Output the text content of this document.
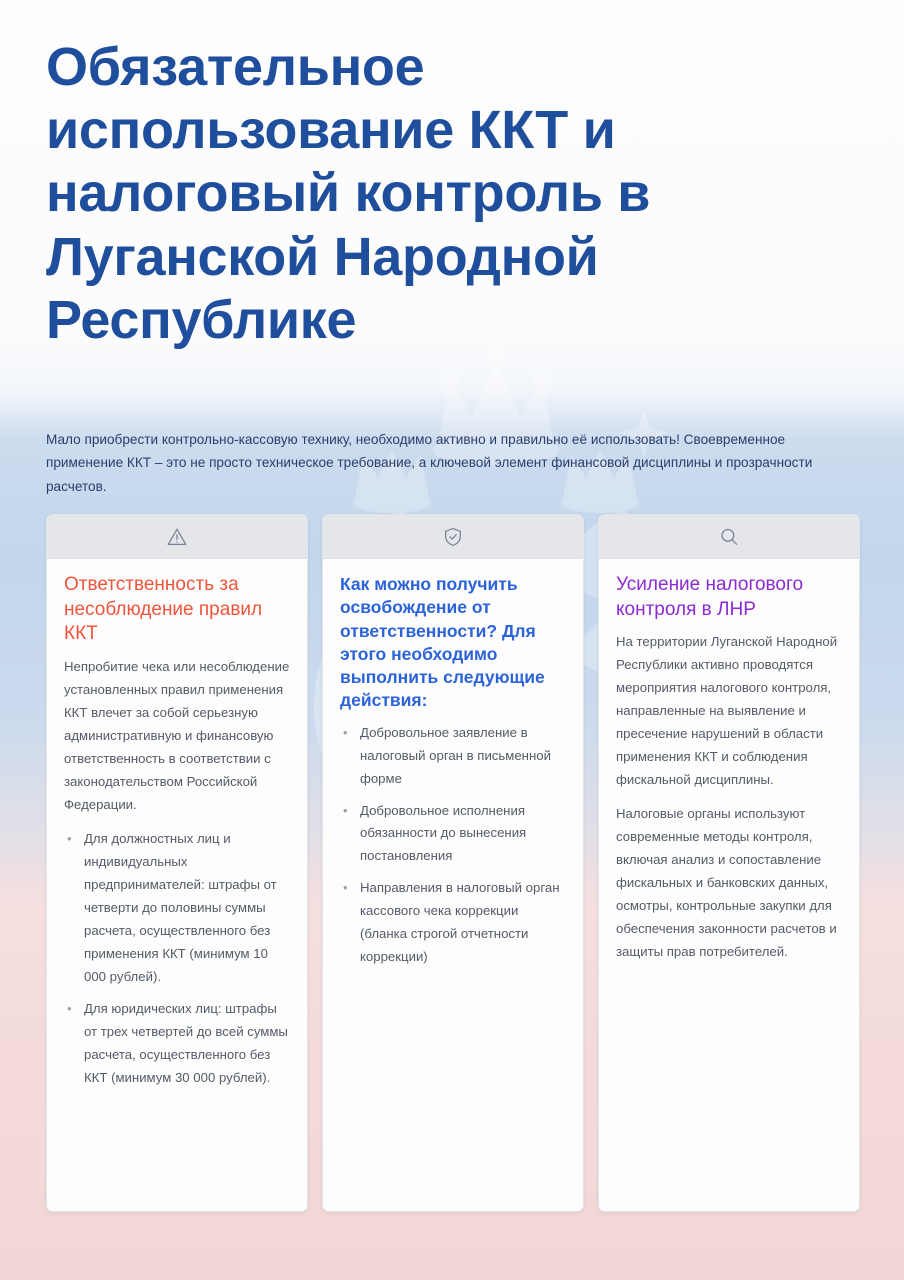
Обязательное использование ККТ и налоговый контроль в Луганской Народной Республике

Мало приобрести контрольно-кассовую технику, необходимо активно и правильно её использовать! Своевременное применение ККТ – это не просто техническое требование, а ключевой элемент финансовой дисциплины и прозрачности расчетов.

Ответственность за несоблюдение правил ККТ

Непробитие чека или несоблюдение установленных правил применения ККТ влечет за собой серьезную административную и финансовую ответственность в соответствии с законодательством Российской Федерации.

• Для должностных лиц и индивидуальных предпринимателей: штрафы от четверти до половины суммы расчета, осуществленного без применения ККТ (минимум 10 000 рублей).
• Для юридических лиц: штрафы от трех четвертей до всей суммы расчета, осуществленного без ККТ (минимум 30 000 рублей).
Как можно получить освобождение от ответственности? Для этого необходимо выполнить следующие действия:
• Добровольное заявление в налоговый орган в письменной форме
• Добровольное исполнения обязанности до вынесения постановления
• Направления в налоговый орган кассового чека коррекции (бланка строгой отчетности коррекции)
Усиление налогового контроля в ЛНР

На территории Луганской Народной Республики активно проводятся мероприятия налогового контроля, направленные на выявление и пресечение нарушений в области применения ККТ и соблюдения фискальной дисциплины.

Налоговые органы используют современные методы контроля, включая анализ и сопоставление фискальных и банковских данных, осмотры, контрольные закупки для обеспечения законности расчетов и защиты прав потребителей.
